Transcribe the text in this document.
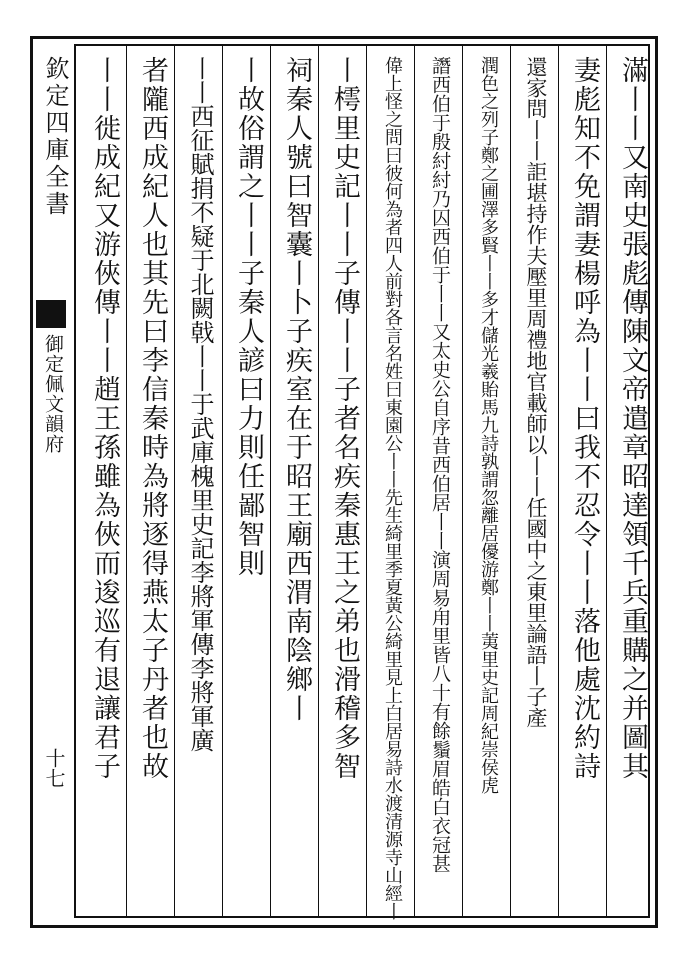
欽定四庫全書
御定佩文韻府
十七	滿丨丨又南史張彪傳陳文帝遣章昭達領千兵重購之并圖其
妻彪知不免謂妻楊呼為丨丨曰我不忍令丨丨落他處沈約詩
還家問丨丨詎堪持作夫壓里周禮地官載師以丨丨任國中之東里論語丨子產
潤色之列子鄭之圃澤多賢丨丨多才儲光羲貽馬九詩孰謂忽離居優游鄭丨丨荑里史記周紀崇侯虎
譖西伯于殷紂紂乃囚西伯于丨丨又太史公自序昔西伯居丨丨演周易甪里皆八十有餘鬚眉皓白衣冠甚
偉上怪之問曰彼何為者四人前對各言名姓曰東園公丨丨先生綺里季夏黃公綺里見上白居易詩水渡清源寺山經丨
丨樗里史記丨丨子傳丨丨子者名疾秦惠王之弟也滑稽多智
祠秦人號曰智囊丨卜子疾室在于昭王廟西渭南陰鄉丨
丨故俗謂之丨丨子秦人諺曰力則任鄙智則
丨丨西征賦捐不疑于北闕戟丨丨于武庫槐里史記李將軍傳李將軍廣
者隴西成紀人也其先曰李信秦時為將逐得燕太子丹者也故
丨丨徙成紀又游俠傳丨丨趙王孫雖為俠而逡巡有退讓君子
